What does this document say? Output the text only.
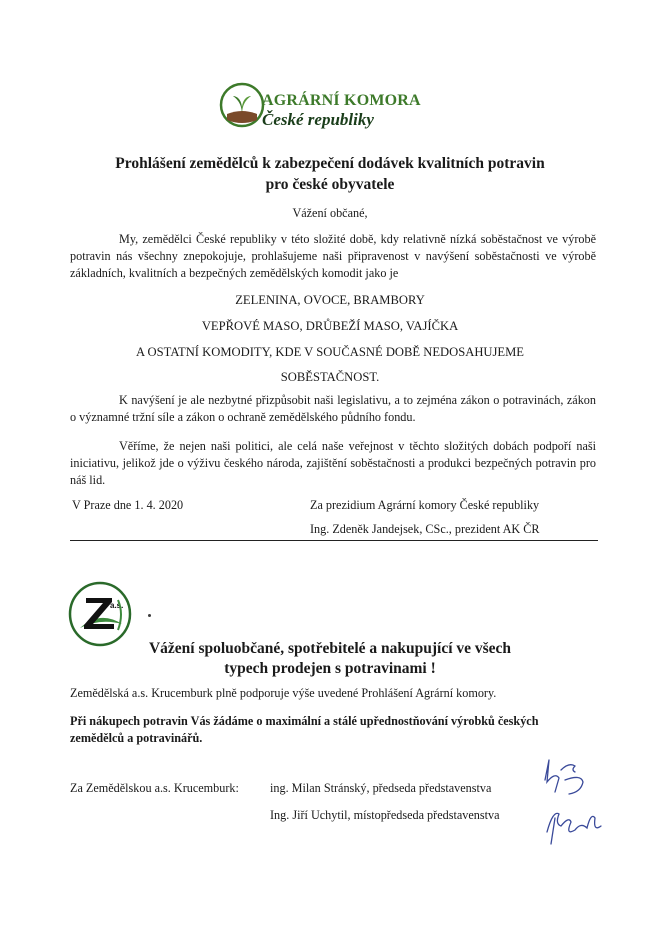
AGRÁRNÍ KOMORA
České republiky
Prohlášení zemědělců k zabezpečení dodávek kvalitních potravin
pro české obyvatele
Vážení občané,
My, zemědělci České republiky v této složité době, kdy relativně nízká soběstačnost ve výrobě potravin nás všechny znepokojuje, prohlašujeme naši připravenost v navýšení soběstačnosti ve výrobě základních, kvalitních a bezpečných zemědělských komodit jako je
ZELENINA, OVOCE, BRAMBORY
VEPŘOVÉ MASO, DRŮBEŽÍ MASO, VAJÍČKA
A OSTATNÍ KOMODITY, KDE V SOUČASNÉ DOBĚ NEDOSAHUJEME
SOBĚSTAČNOST.
K navýšení je ale nezbytné přizpůsobit naši legislativu, a to zejména zákon o potravinách, zákon o významné tržní síle a zákon o ochraně zemědělského půdního fondu.
Věříme, že nejen naši politici, ale celá naše veřejnost v těchto složitých dobách podpoří naši iniciativu, jelikož jde o výživu českého národa, zajištění soběstačnosti a produkci bezpečných potravin pro náš lid.
V Praze dne 1. 4. 2020	Za prezidium Agrární komory České republiky
Ing. Zdeněk Jandejsek, CSc., prezident AK ČR
a.s.
Vážení spoluobčané, spotřebitelé a nakupující ve všech
typech prodejen s potravinami !
Zemědělská a.s. Krucemburk plně podporuje výše uvedené Prohlášení Agrární komory.
Při nákupech potravin Vás žádáme o maximální a stálé upřednostňování výrobků českých zemědělců a potravinářů.
Za Zemědělskou a.s. Krucemburk:	ing. Milan Stránský, předseda představenstva
Ing. Jiří Uchytil, místopředseda představenstva
